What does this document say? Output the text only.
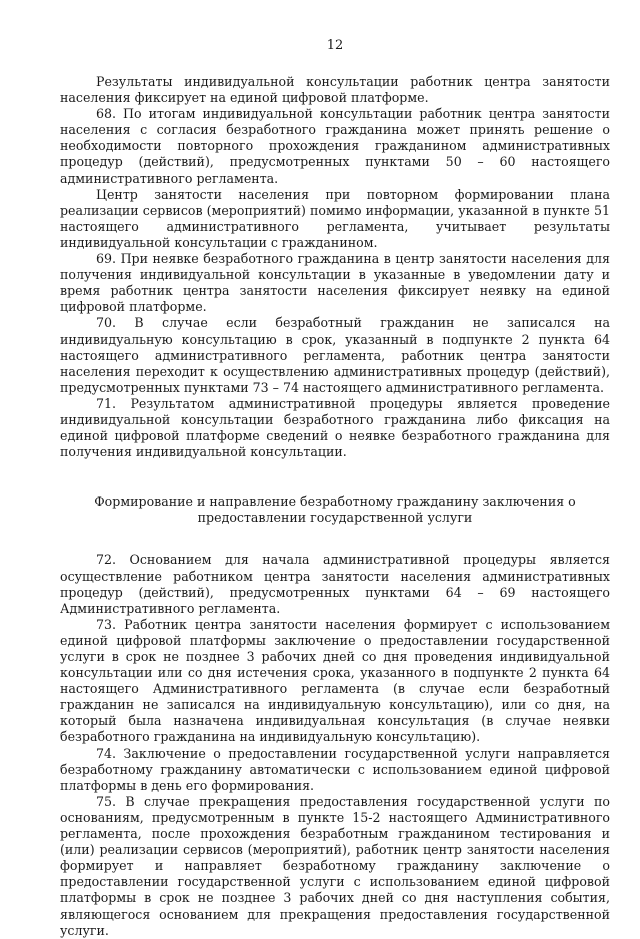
12

Результаты индивидуальной консультации работник центра занятости населения фиксирует на единой цифровой платформе.

68. По итогам индивидуальной консультации работник центра занятости населения с согласия безработного гражданина может принять решение о необходимости повторного прохождения гражданином административных процедур (действий), предусмотренных пунктами 50 – 60 настоящего административного регламента.

Центр занятости населения при повторном формировании плана реализации сервисов (мероприятий) помимо информации, указанной в пункте 51 настоящего административного регламента, учитывает результаты индивидуальной консультации с гражданином.

69. При неявке безработного гражданина в центр занятости населения для получения индивидуальной консультации в указанные в уведомлении дату и время работник центра занятости населения фиксирует неявку на единой цифровой платформе.

70. В случае если безработный гражданин не записался на индивидуальную консультацию в срок, указанный в подпункте 2 пункта 64 настоящего административного регламента, работник центра занятости населения переходит к осуществлению административных процедур (действий), предусмотренных пунктами 73 – 74 настоящего административного регламента.

71. Результатом административной процедуры является проведение индивидуальной консультации безработного гражданина либо фиксация на единой цифровой платформе сведений о неявке безработного гражданина для получения индивидуальной консультации.

Формирование и направление безработному гражданину заключения о предоставлении государственной услуги

72. Основанием для начала административной процедуры является осуществление работником центра занятости населения административных процедур (действий), предусмотренных пунктами 64 – 69 настоящего Административного регламента.

73. Работник центра занятости населения формирует с использованием единой цифровой платформы заключение о предоставлении государственной услуги в срок не позднее 3 рабочих дней со дня проведения индивидуальной консультации или со дня истечения срока, указанного в подпункте 2 пункта 64 настоящего Административного регламента (в случае если безработный гражданин не записался на индивидуальную консультацию), или со дня, на который была назначена индивидуальная консультация (в случае неявки безработного гражданина на индивидуальную консультацию).

74. Заключение о предоставлении государственной услуги направляется безработному гражданину автоматически с использованием единой цифровой платформы в день его формирования.

75. В случае прекращения предоставления государственной услуги по основаниям, предусмотренным в пункте 15-2 настоящего Административного регламента, после прохождения безработным гражданином тестирования и (или) реализации сервисов (мероприятий), работник центр занятости населения формирует и направляет безработному гражданину заключение о предоставлении государственной услуги с использованием единой цифровой платформы в срок не позднее 3 рабочих дней со дня наступления события, являющегося основанием для прекращения предоставления государственной услуги.
